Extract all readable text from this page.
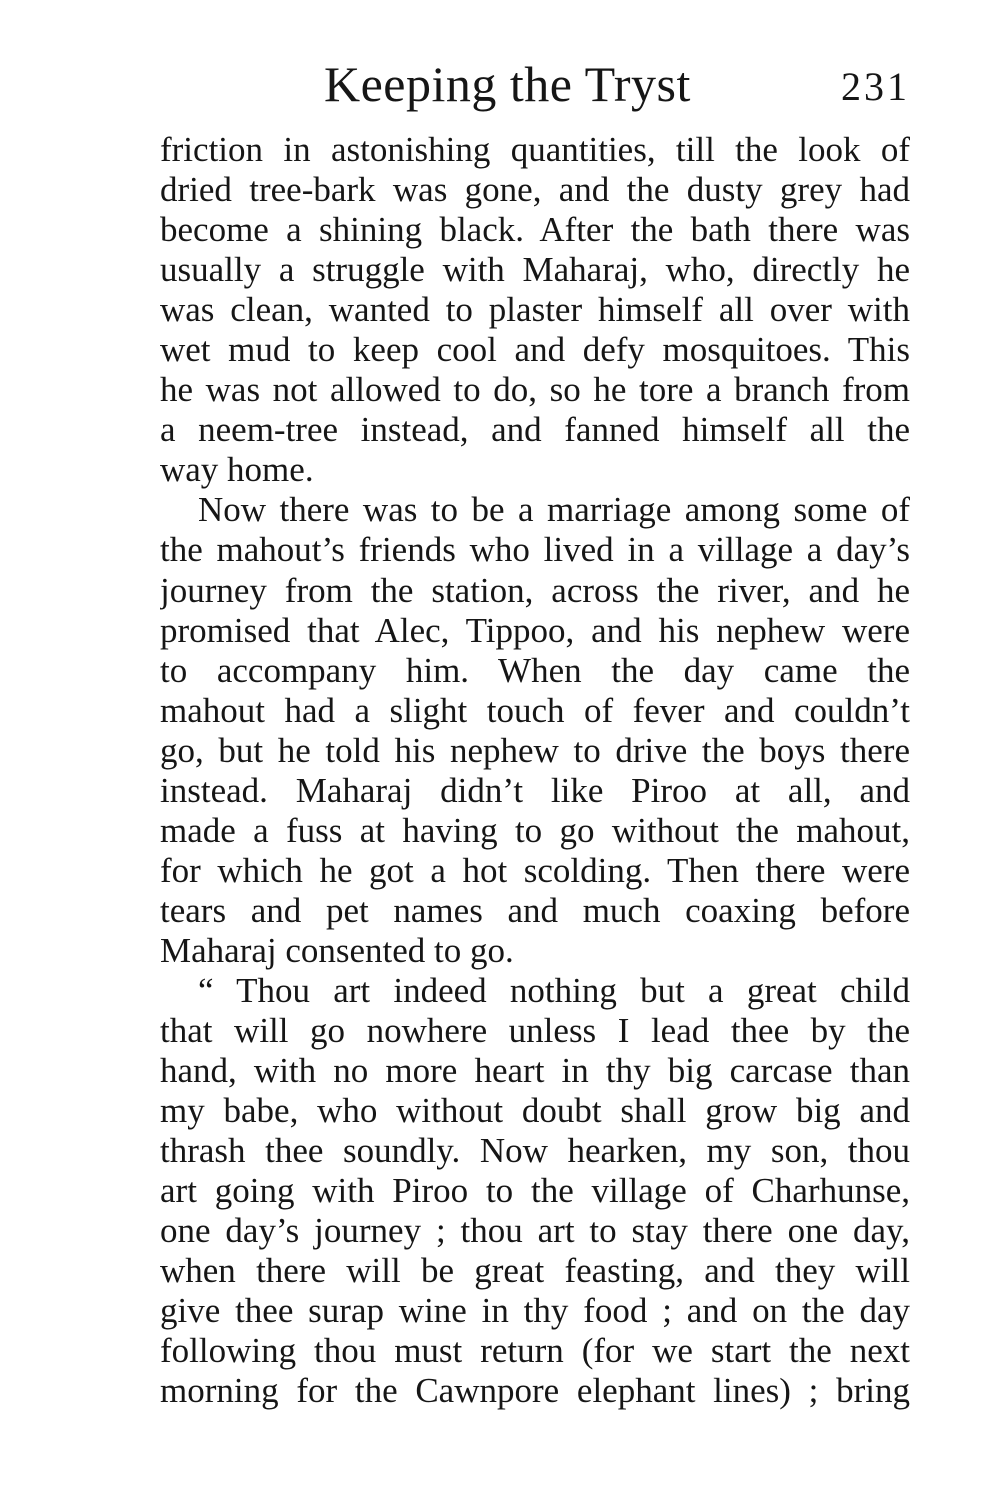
Keeping the Tryst	231
friction in astonishing quantities, till the look of
dried tree-bark was gone, and the dusty grey had
become a shining black. After the bath there was
usually a struggle with Maharaj, who, directly he
was clean, wanted to plaster himself all over with
wet mud to keep cool and defy mosquitoes. This
he was not allowed to do, so he tore a branch from
a neem-tree instead, and fanned himself all the
way home.
Now there was to be a marriage among some of
the mahout’s friends who lived in a village a day’s
journey from the station, across the river, and he
promised that Alec, Tippoo, and his nephew were
to accompany him. When the day came the
mahout had a slight touch of fever and couldn’t
go, but he told his nephew to drive the boys there
instead. Maharaj didn’t like Piroo at all, and
made a fuss at having to go without the mahout,
for which he got a hot scolding. Then there were
tears and pet names and much coaxing before
Maharaj consented to go.
“ Thou art indeed nothing but a great child
that will go nowhere unless I lead thee by the
hand, with no more heart in thy big carcase than
my babe, who without doubt shall grow big and
thrash thee soundly. Now hearken, my son, thou
art going with Piroo to the village of Charhunse,
one day’s journey ; thou art to stay there one day,
when there will be great feasting, and they will
give thee surap wine in thy food ; and on the day
following thou must return (for we start the next
morning for the Cawnpore elephant lines) ; bring
